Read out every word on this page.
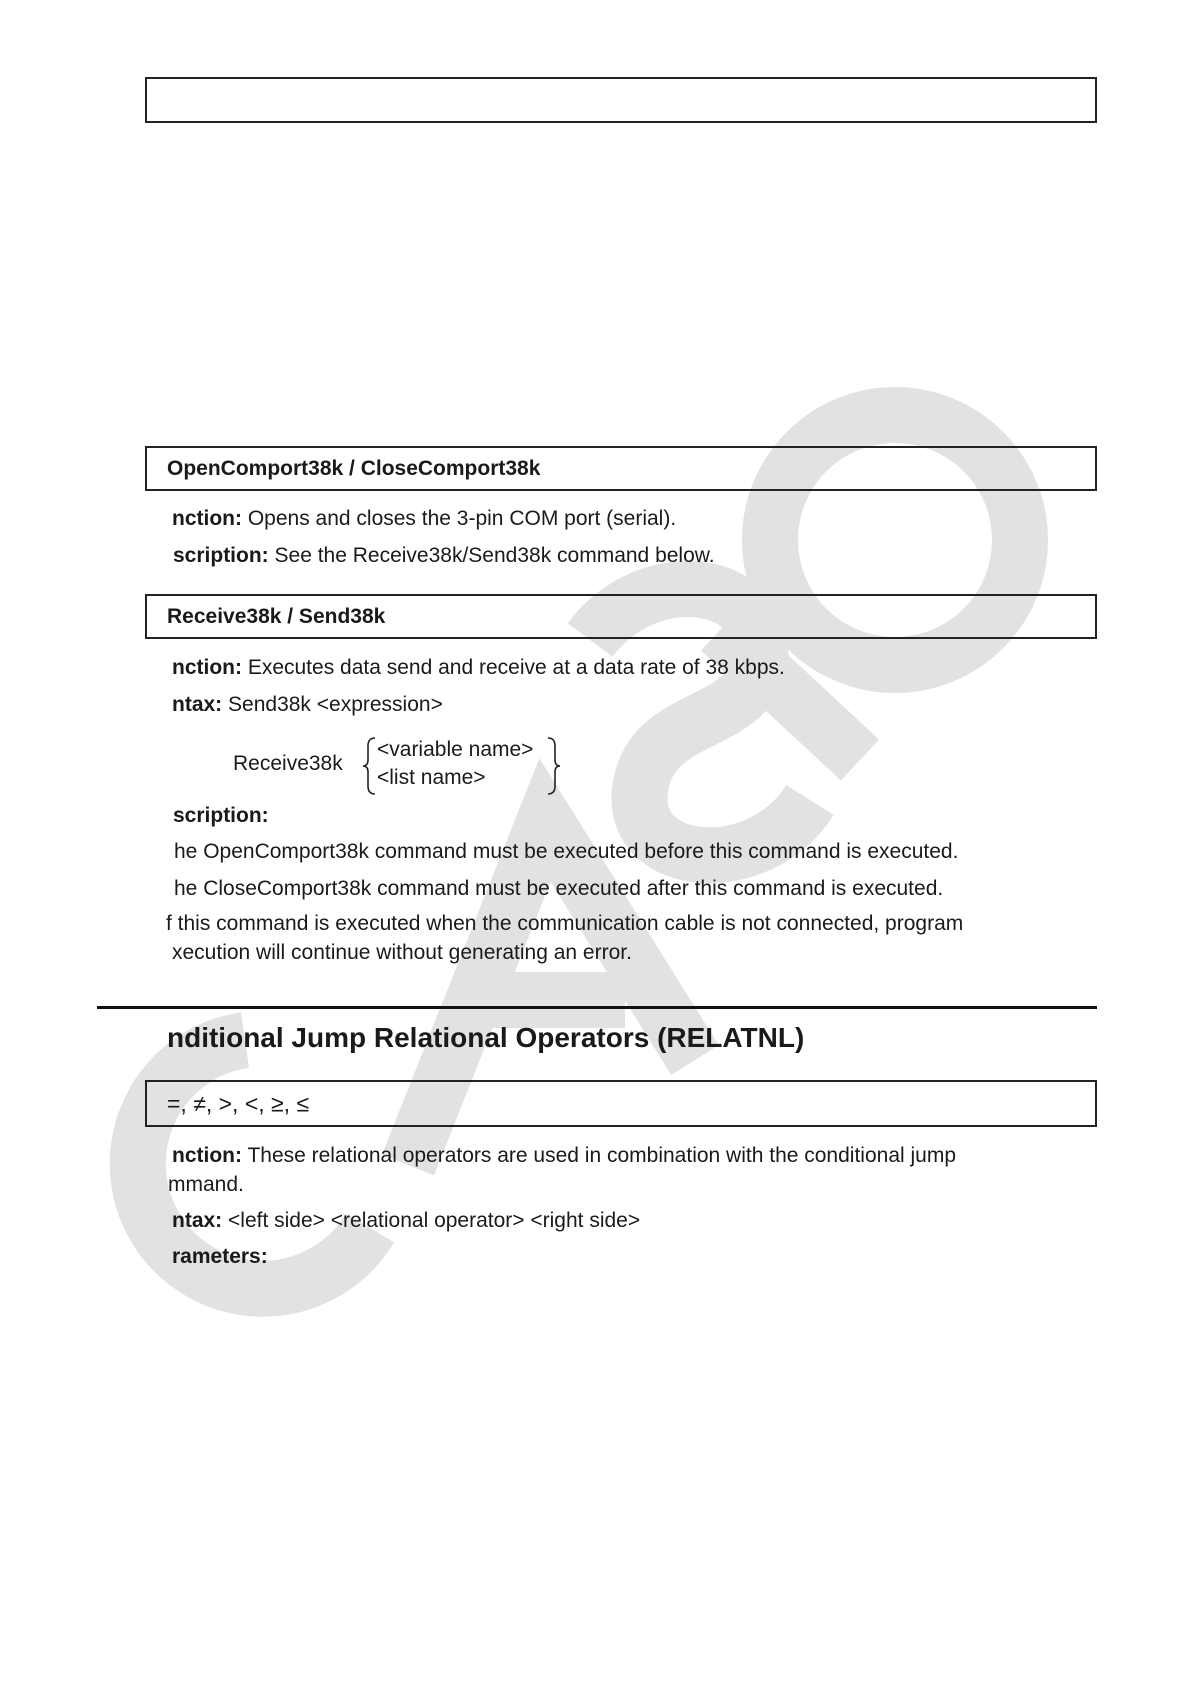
OpenComport38k / CloseComport38k
nction: Opens and closes the 3-pin COM port (serial).
scription: See the Receive38k/Send38k command below.
Receive38k / Send38k
nction: Executes data send and receive at a data rate of 38 kbps.
ntax: Send38k <expression>
Receive38k
<variable name>
<list name>
scription:
he OpenComport38k command must be executed before this command is executed.
he CloseComport38k command must be executed after this command is executed.
f this command is executed when the communication cable is not connected, program
xecution will continue without generating an error.
nditional Jump Relational Operators (RELATNL)
=, ≠, >, <, ≥, ≤
nction: These relational operators are used in combination with the conditional jump
mmand.
ntax: <left side> <relational operator> <right side>
rameters:
